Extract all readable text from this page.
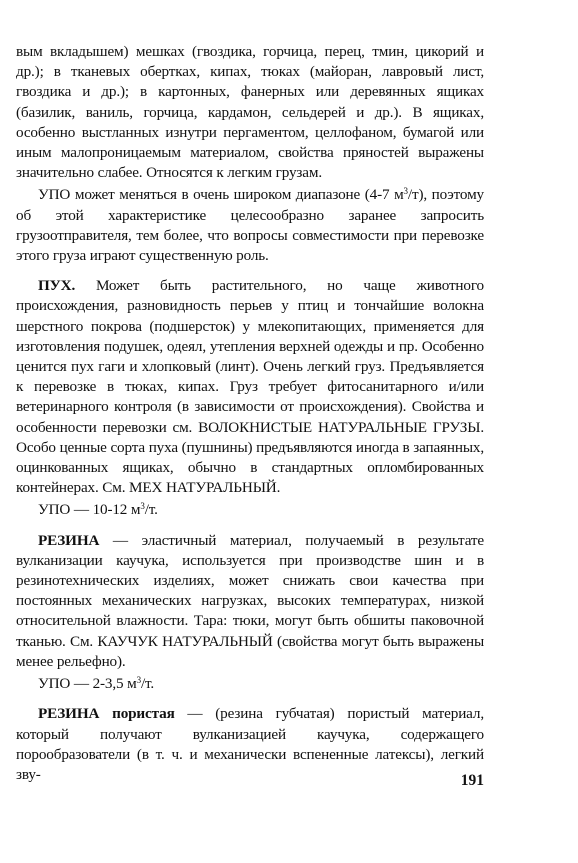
вым вкладышем) мешках (гвоздика, горчица, перец, тмин, цикорий и др.); в тканевых обертках, кипах, тюках (майоран, лавровый лист, гвоздика и др.); в картонных, фанерных или деревянных ящиках (базилик, ваниль, горчица, кардамон, сельдерей и др.). В ящиках, особенно выстланных изнутри пергаментом, целлофаном, бумагой или иным малопроницаемым материалом, свойства пряностей выражены значительно слабее. Относятся к легким грузам.

УПО может меняться в очень широком диапазоне (4-7 $м^3/т$), поэтому об этой характеристике целесообразно заранее запросить грузоотправителя, тем более, что вопросы совместимости при перевозке этого груза играют существенную роль.

ПУХ. Может быть растительного, но чаще животного происхождения, разновидность перьев у птиц и тончайшие волокна шерстного покрова (подшерсток) у млекопитающих, применяется для изготовления подушек, одеял, утепления верхней одежды и пр. Особенно ценится пух гаги и хлопковый (линт). Очень легкий груз. Предъявляется к перевозке в тюках, кипах. Груз требует фитосанитарного и/или ветеринарного контроля (в зависимости от происхождения). Свойства и особенности перевозки см. ВОЛОКНИСТЫЕ НАТУРАЛЬНЫЕ ГРУЗЫ. Особо ценные сорта пуха (пушнины) предъявляются иногда в запаянных, оцинкованных ящиках, обычно в стандартных опломбированных контейнерах. См. МЕХ НАТУРАЛЬНЫЙ.

УПО — 10-12 $м^3/т$.

РЕЗИНА — эластичный материал, получаемый в результате вулканизации каучука, используется при производстве шин и в резинотехнических изделиях, может снижать свои качества при постоянных механических нагрузках, высоких температурах, низкой относительной влажности. Тара: тюки, могут быть обшиты паковочной тканью. См. КАУЧУК НАТУРАЛЬНЫЙ (свойства могут быть выражены менее рельефно).

УПО — 2-3,5 $м^3/т$.

РЕЗИНА пористая — (резина губчатая) пористый материал, который получают вулканизацией каучука, содержащего порообразователи (в т. ч. и механически вспененные латексы), легкий зву-	191
